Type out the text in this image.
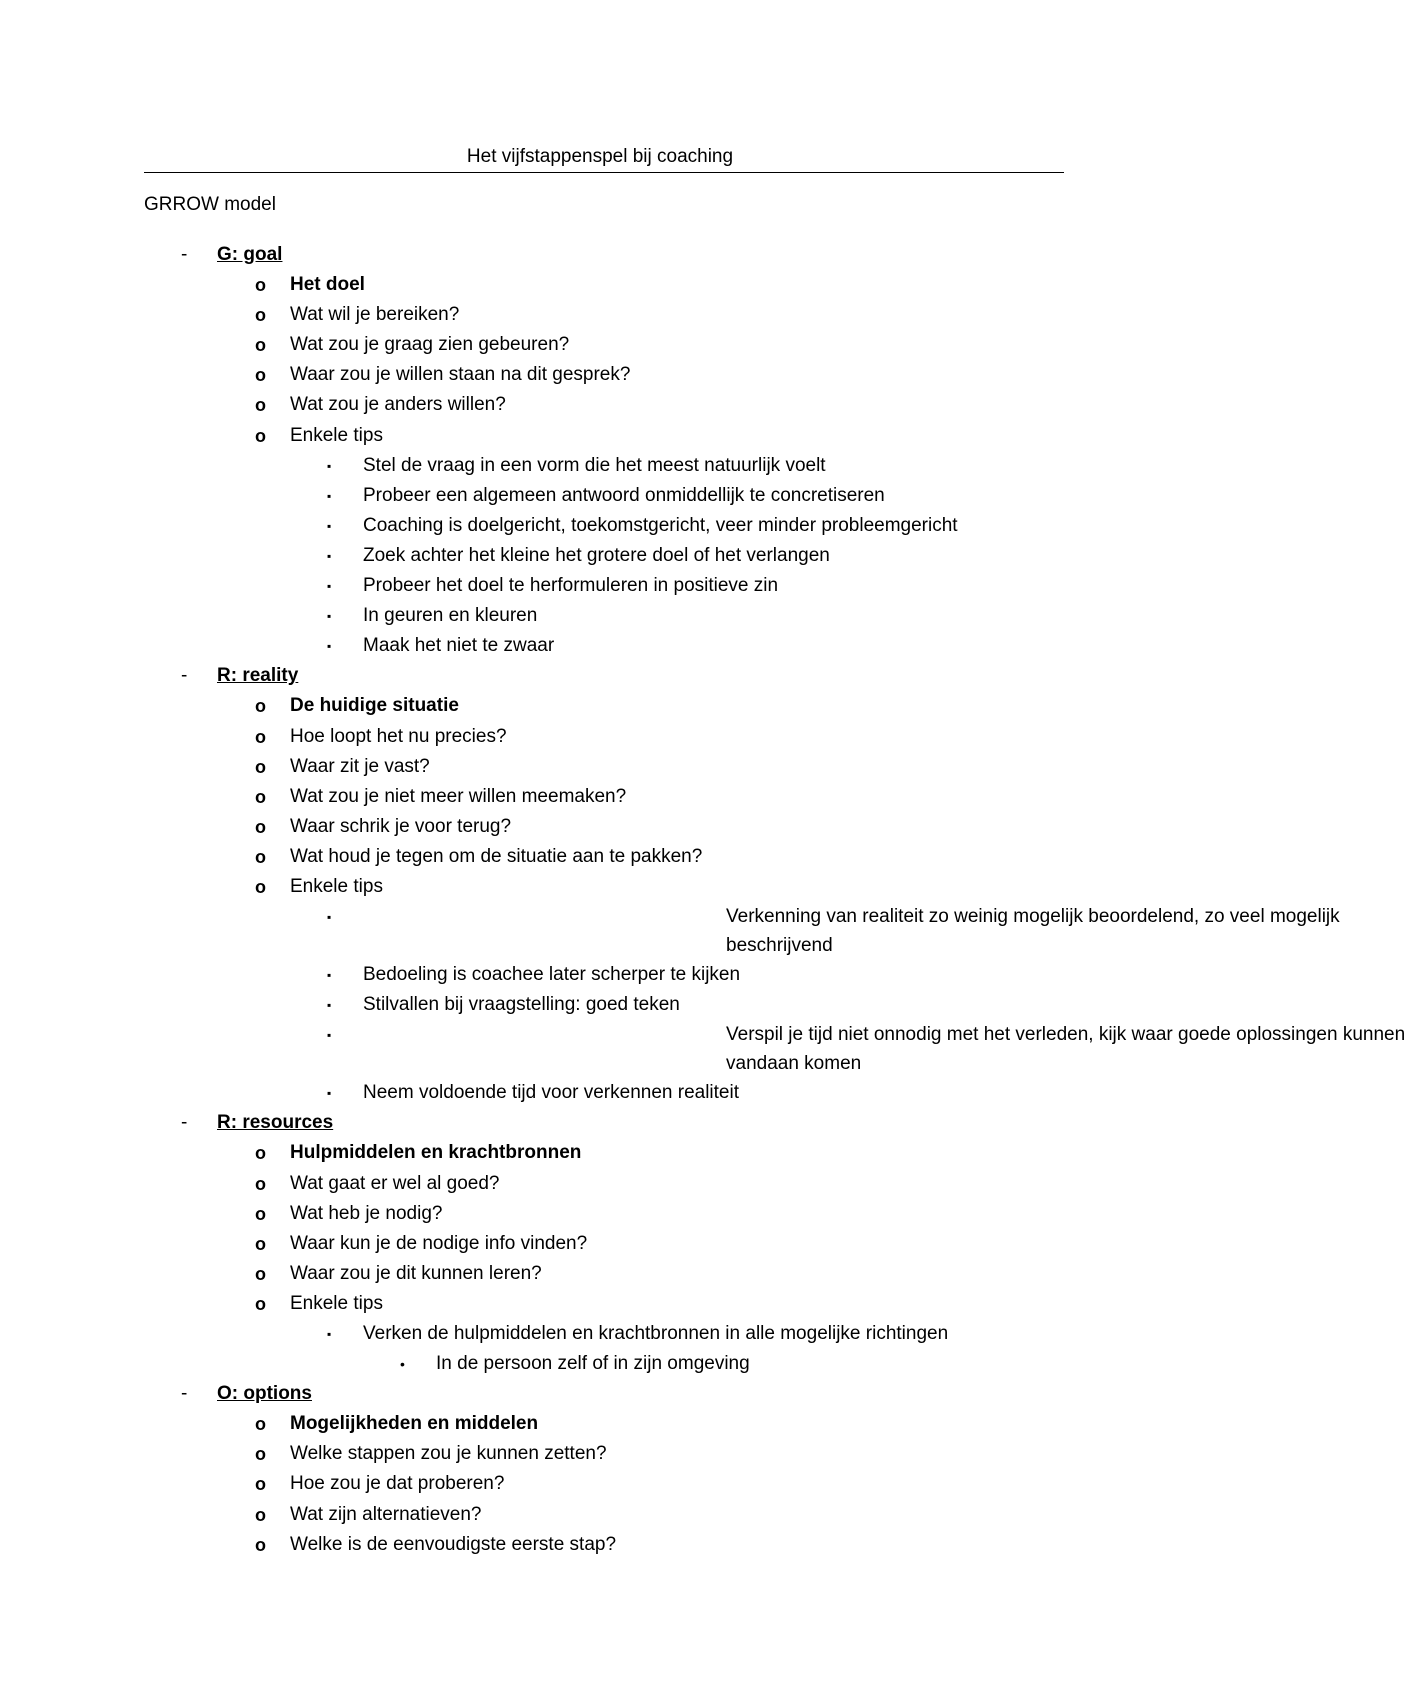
Het vijfstappenspel bij coaching
GRROW model
- G: goal
o Het doel
o Wat wil je bereiken?
o Wat zou je graag zien gebeuren?
o Waar zou je willen staan na dit gesprek?
o Wat zou je anders willen?
o Enkele tips
▪ Stel de vraag in een vorm die het meest natuurlijk voelt
▪ Probeer een algemeen antwoord onmiddellijk te concretiseren
▪ Coaching is doelgericht, toekomstgericht, veer minder probleemgericht
▪ Zoek achter het kleine het grotere doel of het verlangen
▪ Probeer het doel te herformuleren in positieve zin
▪ In geuren en kleuren
▪ Maak het niet te zwaar
- R: reality
o De huidige situatie
o Hoe loopt het nu precies?
o Waar zit je vast?
o Wat zou je niet meer willen meemaken?
o Waar schrik je voor terug?
o Wat houd je tegen om de situatie aan te pakken?
o Enkele tips
▪	Verkenning van realiteit zo weinig mogelijk beoordelend, zo veel mogelijk beschrijvend
▪ Bedoeling is coachee later scherper te kijken
▪ Stilvallen bij vraagstelling: goed teken
▪	Verspil je tijd niet onnodig met het verleden, kijk waar goede oplossingen kunnen vandaan komen
▪ Neem voldoende tijd voor verkennen realiteit
- R: resources
o Hulpmiddelen en krachtbronnen
o Wat gaat er wel al goed?
o Wat heb je nodig?
o Waar kun je de nodige info vinden?
o Waar zou je dit kunnen leren?
o Enkele tips
▪ Verken de hulpmiddelen en krachtbronnen in alle mogelijke richtingen
• In de persoon zelf of in zijn omgeving
- O: options
o Mogelijkheden en middelen
o Welke stappen zou je kunnen zetten?
o Hoe zou je dat proberen?
o Wat zijn alternatieven?
o Welke is de eenvoudigste eerste stap?
